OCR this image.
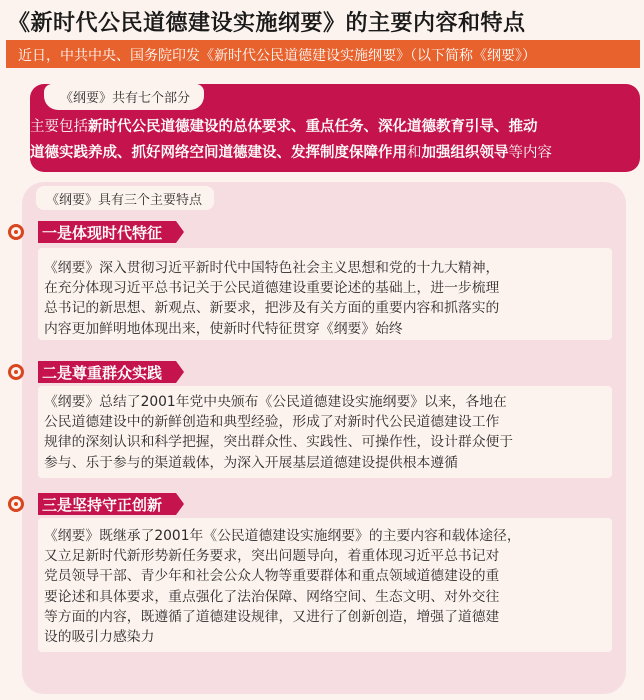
《新时代公民道德建设实施纲要》的主要内容和特点
近日，中共中央、国务院印发《新时代公民道德建设实施纲要》（以下简称《纲要》）
《纲要》共有七个部分
主要包括新时代公民道德建设的总体要求、重点任务、深化道德教育引导、推动
道德实践养成、抓好网络空间道德建设、发挥制度保障作用和加强组织领导等内容
《纲要》具有三个主要特点
一是体现时代特征
《纲要》深入贯彻习近平新时代中国特色社会主义思想和党的十九大精神，
在充分体现习近平总书记关于公民道德建设重要论述的基础上，进一步梳理
总书记的新思想、新观点、新要求，把涉及有关方面的重要内容和抓落实的
内容更加鲜明地体现出来，使新时代特征贯穿《纲要》始终
二是尊重群众实践
《纲要》总结了2001年党中央颁布《公民道德建设实施纲要》以来，各地在
公民道德建设中的新鲜创造和典型经验，形成了对新时代公民道德建设工作
规律的深刻认识和科学把握，突出群众性、实践性、可操作性，设计群众便于
参与、乐于参与的渠道载体，为深入开展基层道德建设提供根本遵循
三是坚持守正创新
《纲要》既继承了2001年《公民道德建设实施纲要》的主要内容和载体途径，
又立足新时代新形势新任务要求，突出问题导向，着重体现习近平总书记对
党员领导干部、青少年和社会公众人物等重要群体和重点领域道德建设的重
要论述和具体要求，重点强化了法治保障、网络空间、生态文明、对外交往
等方面的内容，既遵循了道德建设规律，又进行了创新创造，增强了道德建
设的吸引力感染力
